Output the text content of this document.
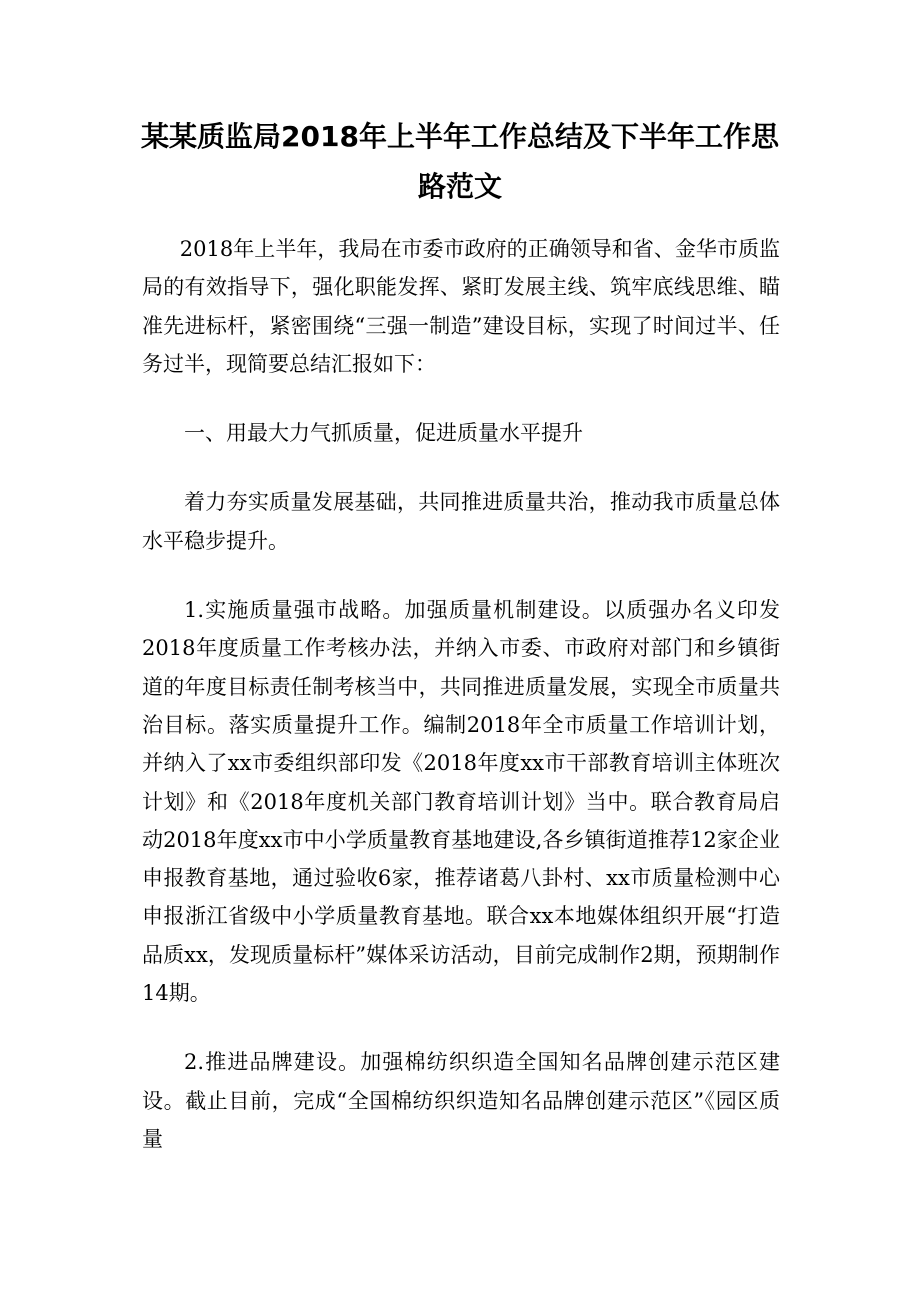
某某质监局2018年上半年工作总结及下半年工作思路范文

2018年上半年，我局在市委市政府的正确领导和省、金华市质监局的有效指导下，强化职能发挥、紧盯发展主线、筑牢底线思维、瞄准先进标杆，紧密围绕“三强一制造”建设目标，实现了时间过半、任务过半，现简要总结汇报如下：

一、用最大力气抓质量，促进质量水平提升

着力夯实质量发展基础，共同推进质量共治，推动我市质量总体水平稳步提升。

1.实施质量强市战略。加强质量机制建设。以质强办名义印发2018年度质量工作考核办法，并纳入市委、市政府对部门和乡镇街道的年度目标责任制考核当中，共同推进质量发展，实现全市质量共治目标。落实质量提升工作。编制2018年全市质量工作培训计划，并纳入了xx市委组织部印发《2018年度xx市干部教育培训主体班次计划》和《2018年度机关部门教育培训计划》当中。联合教育局启动2018年度xx市中小学质量教育基地建设,各乡镇街道推荐12家企业申报教育基地，通过验收6家，推荐诸葛八卦村、xx市质量检测中心申报浙江省级中小学质量教育基地。联合xx本地媒体组织开展“打造品质xx，发现质量标杆”媒体采访活动，目前完成制作2期，预期制作14期。

2.推进品牌建设。加强棉纺织织造全国知名品牌创建示范区建设。截止目前，完成“全国棉纺织织造知名品牌创建示范区”《园区质量
